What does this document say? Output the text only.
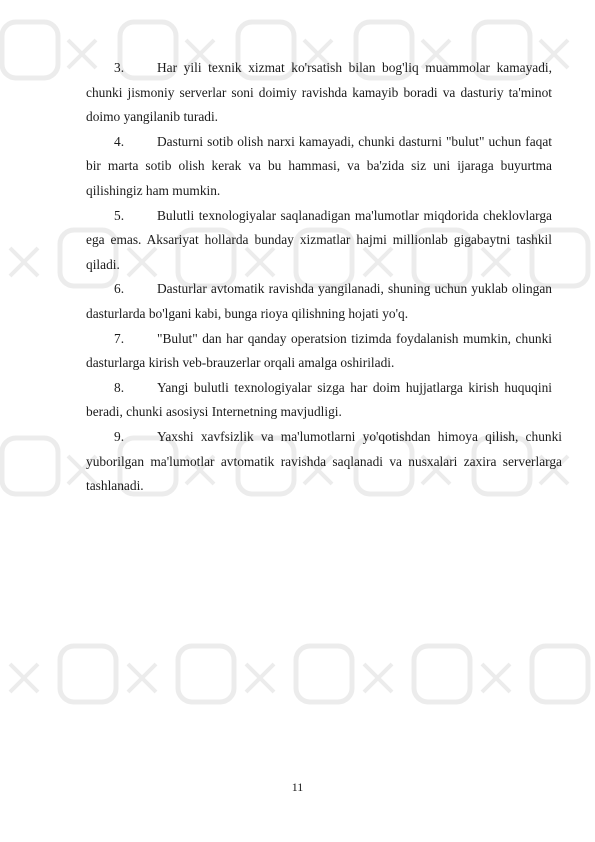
3. Har yili texnik xizmat ko'rsatish bilan bog'liq muammolar kamayadi, chunki jismoniy serverlar soni doimiy ravishda kamayib boradi va dasturiy ta'minot doimo yangilanib turadi.

4. Dasturni sotib olish narxi kamayadi, chunki dasturni "bulut" uchun faqat bir marta sotib olish kerak va bu hammasi, va ba'zida siz uni ijaraga buyurtma qilishingiz ham mumkin.

5. Bulutli texnologiyalar saqlanadigan ma'lumotlar miqdorida cheklovlarga ega emas. Aksariyat hollarda bunday xizmatlar hajmi millionlab gigabaytni tashkil qiladi.

6. Dasturlar avtomatik ravishda yangilanadi, shuning uchun yuklab olingan dasturlarda bo'lgani kabi, bunga rioya qilishning hojati yo'q.

7. "Bulut" dan har qanday operatsion tizimda foydalanish mumkin, chunki dasturlarga kirish veb-brauzerlar orqali amalga oshiriladi.

8. Yangi bulutli texnologiyalar sizga har doim hujjatlarga kirish huquqini beradi, chunki asosiysi Internetning mavjudligi.

9. Yaxshi xavfsizlik va ma'lumotlarni yo'qotishdan himoya qilish, chunki yuborilgan ma'lumotlar avtomatik ravishda saqlanadi va nusxalari zaxira serverlarga tashlanadi.

11
